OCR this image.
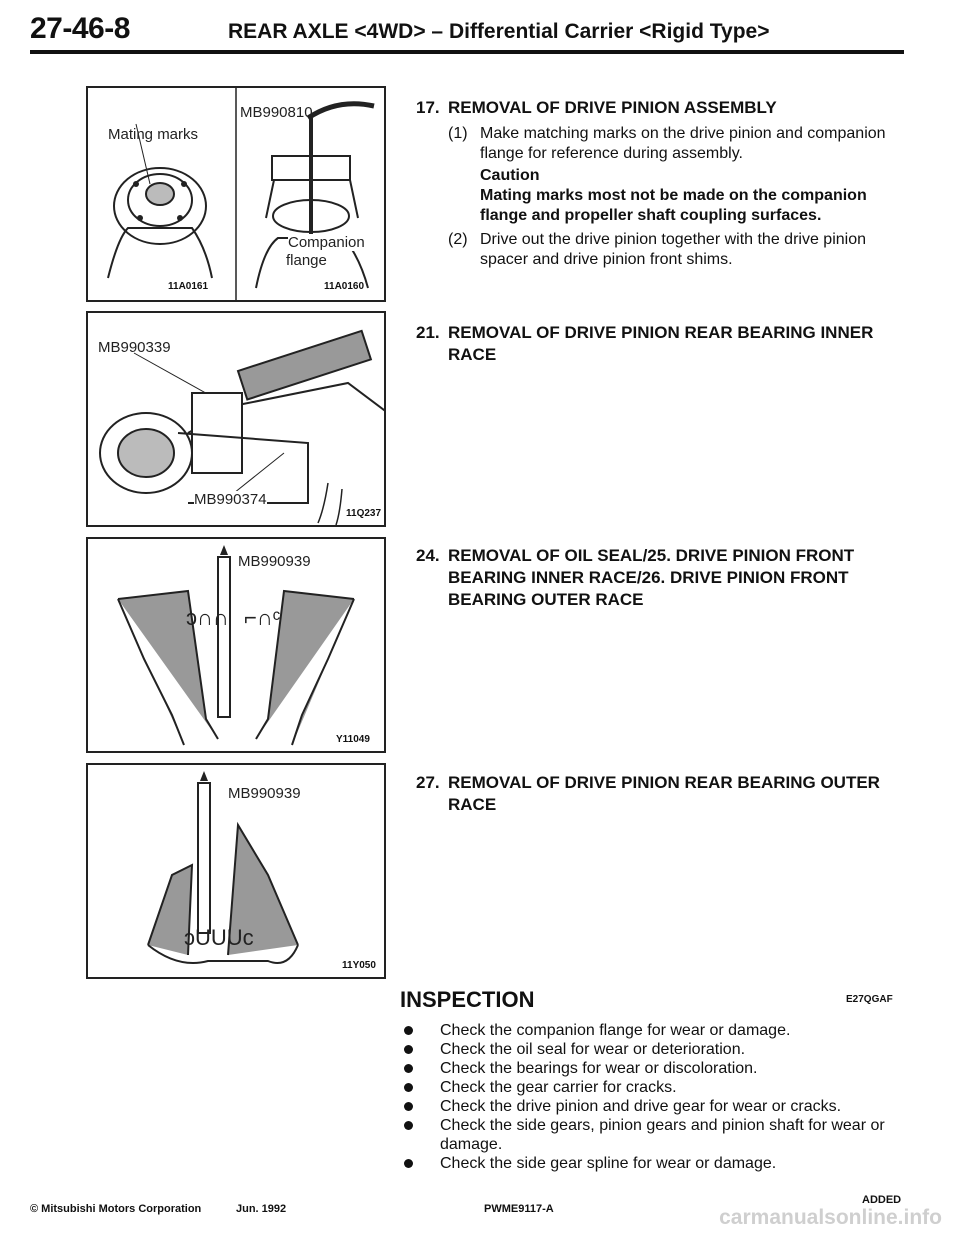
27-46-8	REAR AXLE <4WD> – Differential Carrier <Rigid Type>
Mating marks
11A0161
MB990810
Companion
flange
11A0160
MB990339
MB990374
11Q237
ɔ∩∩ ⌐∩ᶜ
MB990939
Y11049
ɔUUUc
MB990939
11Y050
17. REMOVAL OF DRIVE PINION ASSEMBLY
(1) Make matching marks on the drive pinion and companion flange for reference during assembly.
Caution
Mating marks most not be made on the companion flange and propeller shaft coupling surfaces.
(2) Drive out the drive pinion together with the drive pinion spacer and drive pinion front shims.
21. REMOVAL OF DRIVE PINION REAR BEARING INNER RACE
24. REMOVAL OF OIL SEAL/25. DRIVE PINION FRONT BEARING INNER RACE/26. DRIVE PINION FRONT BEARING OUTER RACE
27. REMOVAL OF DRIVE PINION REAR BEARING OUTER RACE
INSPECTION	E27QGAF
Check the companion flange for wear or damage.
Check the oil seal for wear or deterioration.
Check the bearings for wear or discoloration.
Check the gear carrier for cracks.
Check the drive pinion and drive gear for wear or cracks.
Check the side gears, pinion gears and pinion shaft for wear or damage.
Check the side gear spline for wear or damage.
© Mitsubishi Motors Corporation	Jun. 1992	PWME9117-A
ADDED
carmanualsonline.info
